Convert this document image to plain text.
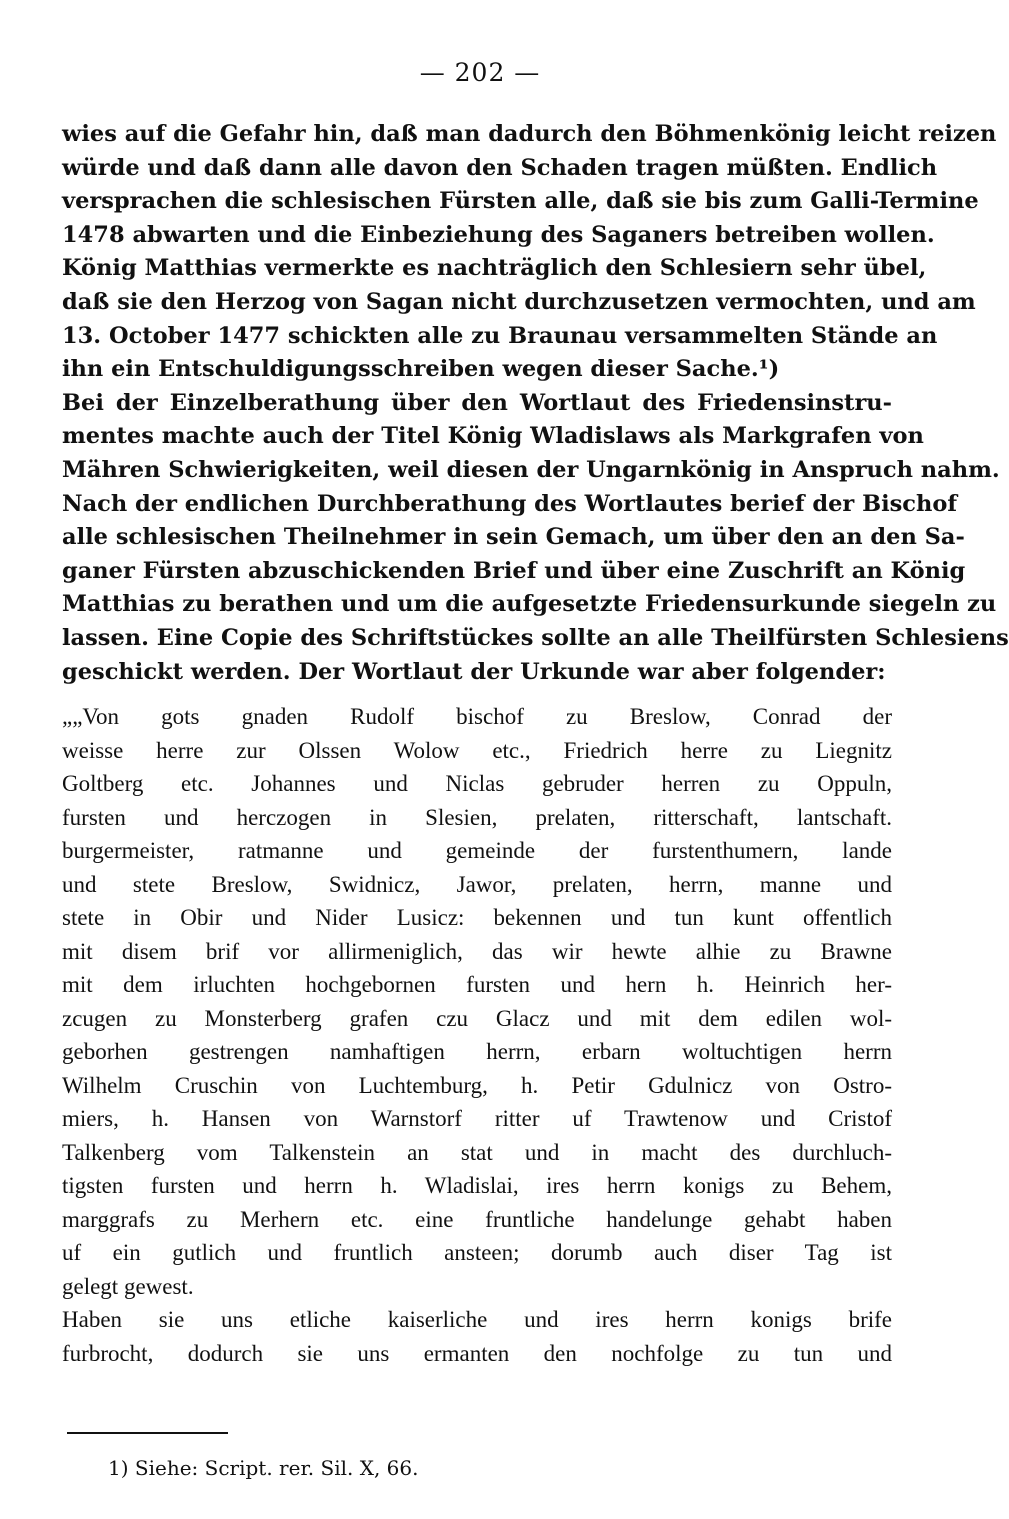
— 202 —
wies auf die Gefahr hin, daß man dadurch den Böhmenkönig leicht reizen
würde und daß dann alle davon den Schaden tragen müßten. Endlich
versprachen die schlesischen Fürsten alle, daß sie bis zum Galli-Termine
1478 abwarten und die Einbeziehung des Saganers betreiben wollen.
König Matthias vermerkte es nachträglich den Schlesiern sehr übel,
daß sie den Herzog von Sagan nicht durchzusetzen vermochten, und am
13. October 1477 schickten alle zu Braunau versammelten Stände an
ihn ein Entschuldigungsschreiben wegen dieser Sache.¹)
Bei der Einzelberathung über den Wortlaut des Friedensinstru-
mentes machte auch der Titel König Wladislaws als Markgrafen von
Mähren Schwierigkeiten, weil diesen der Ungarnkönig in Anspruch nahm.
Nach der endlichen Durchberathung des Wortlautes berief der Bischof
alle schlesischen Theilnehmer in sein Gemach, um über den an den Sa-
ganer Fürsten abzuschickenden Brief und über eine Zuschrift an König
Matthias zu berathen und um die aufgesetzte Friedensurkunde siegeln zu
lassen. Eine Copie des Schriftstückes sollte an alle Theilfürsten Schlesiens
geschickt werden. Der Wortlaut der Urkunde war aber folgender:
„„Von gots gnaden Rudolf bischof zu Breslow, Conrad der
weisse herre zur Olssen Wolow etc., Friedrich herre zu Liegnitz
Goltberg etc. Johannes und Niclas gebruder herren zu Oppuln,
fursten und herczogen in Slesien, prelaten, ritterschaft, lantschaft.
burgermeister, ratmanne und gemeinde der furstenthumern, lande
und stete Breslow, Swidnicz, Jawor, prelaten, herrn, manne und
stete in Obir und Nider Lusicz: bekennen und tun kunt offentlich
mit disem brif vor allirmeniglich, das wir hewte alhie zu Brawne
mit dem irluchten hochgebornen fursten und hern h. Heinrich her-
zcugen zu Monsterberg grafen czu Glacz und mit dem edilen wol-
geborhen gestrengen namhaftigen herrn, erbarn woltuchtigen herrn
Wilhelm Cruschin von Luchtemburg, h. Petir Gdulnicz von Ostro-
miers, h. Hansen von Warnstorf ritter uf Trawtenow und Cristof
Talkenberg vom Talkenstein an stat und in macht des durchluch-
tigsten fursten und herrn h. Wladislai, ires herrn konigs zu Behem,
marggrafs zu Merhern etc. eine fruntliche handelunge gehabt haben
uf ein gutlich und fruntlich ansteen; dorumb auch diser Tag ist
gelegt gewest.
Haben sie uns etliche kaiserliche und ires herrn konigs brife
furbrocht, dodurch sie uns ermanten den nochfolge zu tun und
1) Siehe: Script. rer. Sil. X, 66.
